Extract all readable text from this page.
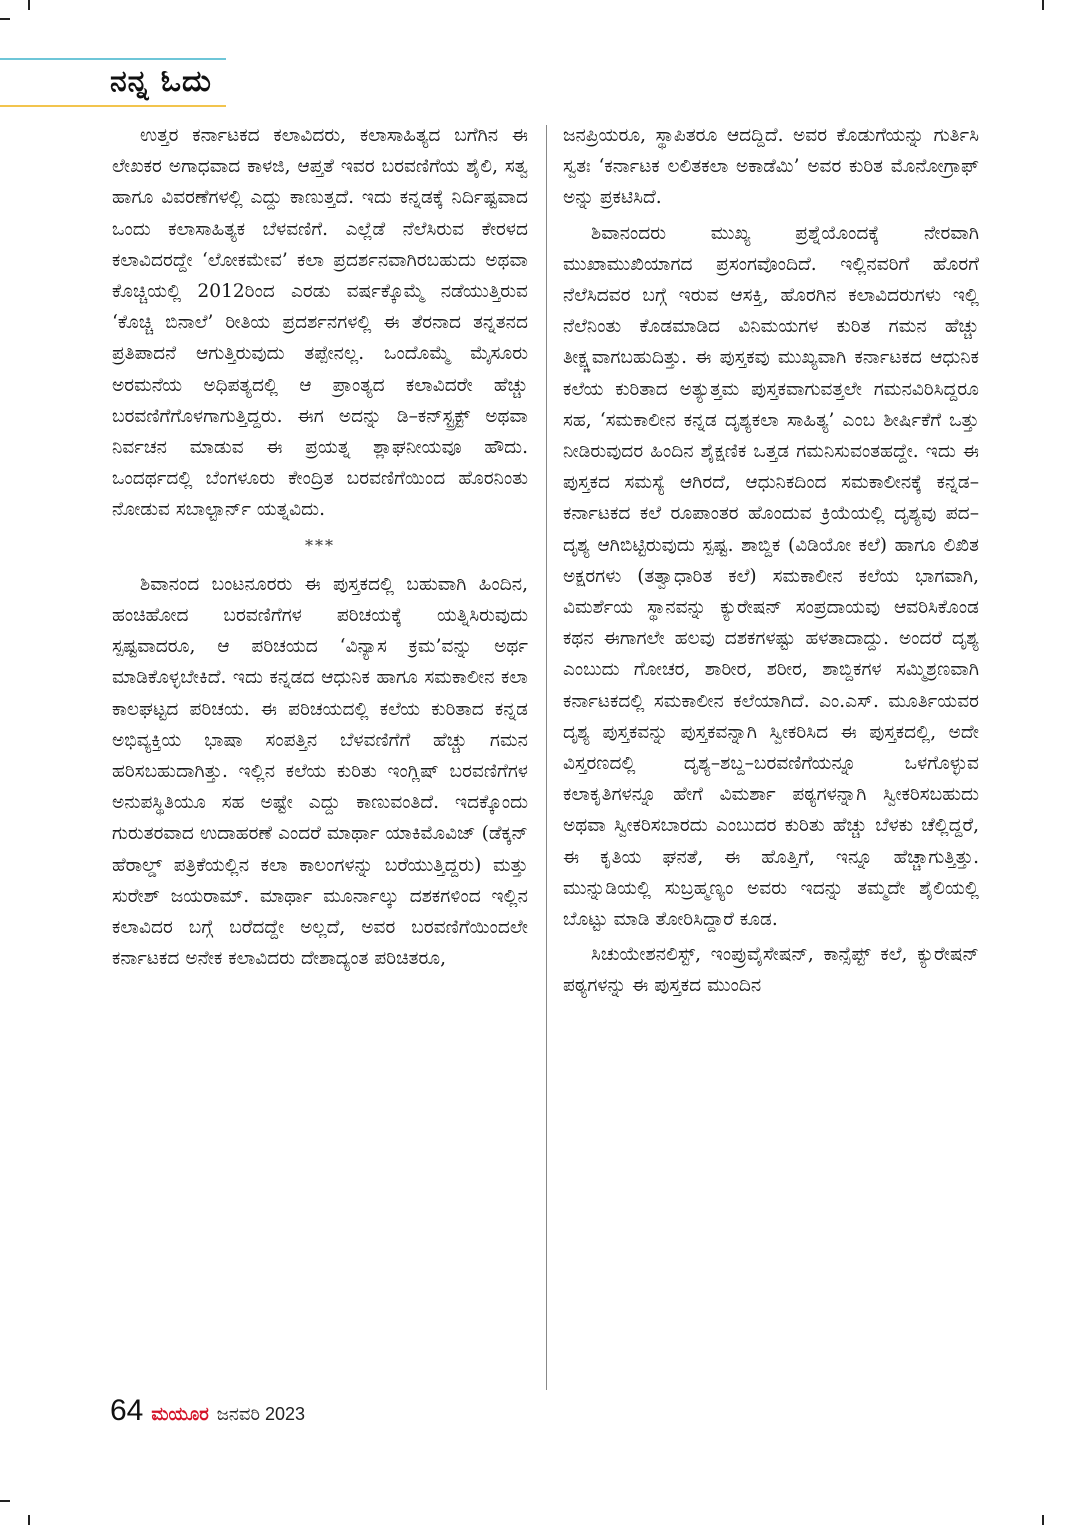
ನನ್ನ ಓದು

ಉತ್ತರ ಕರ್ನಾಟಕದ ಕಲಾವಿದರು, ಕಲಾಸಾಹಿತ್ಯದ ಬಗೆಗಿನ ಈ ಲೇಖಕರ ಅಗಾಧವಾದ ಕಾಳಜಿ, ಆಪ್ತತೆ ಇವರ ಬರವಣಿಗೆಯ ಶೈಲಿ, ಸತ್ವ ಹಾಗೂ ವಿವರಣೆಗಳಲ್ಲಿ ಎದ್ದು ಕಾಣುತ್ತದೆ. ಇದು ಕನ್ನಡಕ್ಕೆ ನಿರ್ದಿಷ್ಟವಾದ ಒಂದು ಕಲಾಸಾಹಿತ್ಯಕ ಬೆಳವಣಿಗೆ. ಎಲ್ಲೆಡೆ ನೆಲೆಸಿರುವ ಕೇರಳದ ಕಲಾವಿದರದ್ದೇ ‘ಲೋಕಮೇವ’ ಕಲಾ ಪ್ರದರ್ಶನವಾಗಿರಬಹುದು ಅಥವಾ ಕೊಚ್ಚಿಯಲ್ಲಿ 2012ರಿಂದ ಎರಡು ವರ್ಷಕ್ಕೊಮ್ಮೆ ನಡೆಯುತ್ತಿರುವ ‘ಕೊಚ್ಚಿ ಬಿನಾಲೆ’ ರೀತಿಯ ಪ್ರದರ್ಶನಗಳಲ್ಲಿ ಈ ತೆರನಾದ ತನ್ನತನದ ಪ್ರತಿಪಾದನೆ ಆಗುತ್ತಿರುವುದು ತಪ್ಪೇನಲ್ಲ. ಒಂದೊಮ್ಮೆ ಮೈಸೂರು ಅರಮನೆಯ ಅಧಿಪತ್ಯದಲ್ಲಿ ಆ ಪ್ರಾಂತ್ಯದ ಕಲಾವಿದರೇ ಹೆಚ್ಚು ಬರವಣಿಗೆಗೊಳಗಾಗುತ್ತಿದ್ದರು. ಈಗ ಅದನ್ನು ಡಿ–ಕನ್‌ಸ್ಟ್ರಕ್ಟ್ ಅಥವಾ ನಿರ್ವಚನ ಮಾಡುವ ಈ ಪ್ರಯತ್ನ ಶ್ಲಾಘನೀಯವೂ ಹೌದು. ಒಂದರ್ಥದಲ್ಲಿ ಬೆಂಗಳೂರು ಕೇಂದ್ರಿತ ಬರವಣಿಗೆಯಿಂದ ಹೊರನಿಂತು ನೋಡುವ ಸಬಾಲ್ಟಾರ್ನ್ ಯತ್ನವಿದು.

***

ಶಿವಾನಂದ ಬಂಟನೂರರು ಈ ಪುಸ್ತಕದಲ್ಲಿ ಬಹುವಾಗಿ ಹಿಂದಿನ, ಹಂಚಿಹೋದ ಬರವಣಿಗೆಗಳ ಪರಿಚಯಕ್ಕೆ ಯತ್ನಿಸಿರುವುದು ಸ್ಪಷ್ಟವಾದರೂ, ಆ ಪರಿಚಯದ ‘ವಿನ್ಯಾಸ ಕ್ರಮ’ವನ್ನು ಅರ್ಥ ಮಾಡಿಕೊಳ್ಳಬೇಕಿದೆ. ಇದು ಕನ್ನಡದ ಆಧುನಿಕ ಹಾಗೂ ಸಮಕಾಲೀನ ಕಲಾ ಕಾಲಘಟ್ಟದ ಪರಿಚಯ. ಈ ಪರಿಚಯದಲ್ಲಿ ಕಲೆಯ ಕುರಿತಾದ ಕನ್ನಡ ಅಭಿವ್ಯಕ್ತಿಯ ಭಾಷಾ ಸಂಪತ್ತಿನ ಬೆಳವಣಿಗೆಗೆ ಹೆಚ್ಚು ಗಮನ ಹರಿಸಬಹುದಾಗಿತ್ತು. ಇಲ್ಲಿನ ಕಲೆಯ ಕುರಿತು ಇಂಗ್ಲಿಷ್ ಬರವಣಿಗೆಗಳ ಅನುಪಸ್ಥಿತಿಯೂ ಸಹ ಅಷ್ಟೇ ಎದ್ದು ಕಾಣುವಂತಿದೆ. ಇದಕ್ಕೊಂದು ಗುರುತರವಾದ ಉದಾಹರಣೆ ಎಂದರೆ ಮಾರ್ಥಾ ಯಾಕಿಮೊವಿಜ್ (ಡೆಕ್ಕನ್ ಹೆರಾಲ್ಡ್ ಪತ್ರಿಕೆಯಲ್ಲಿನ ಕಲಾ ಕಾಲಂಗಳನ್ನು ಬರೆಯುತ್ತಿದ್ದರು) ಮತ್ತು ಸುರೇಶ್ ಜಯರಾಮ್. ಮಾರ್ಥಾ ಮೂರ್ನಾಲ್ಕು ದಶಕಗಳಿಂದ ಇಲ್ಲಿನ ಕಲಾವಿದರ ಬಗ್ಗೆ ಬರೆದದ್ದೇ ಅಲ್ಲದೆ, ಅವರ ಬರವಣಿಗೆಯಿಂದಲೇ ಕರ್ನಾಟಕದ ಅನೇಕ ಕಲಾವಿದರು ದೇಶಾದ್ಯಂತ ಪರಿಚಿತರೂ,

ಜನಪ್ರಿಯರೂ, ಸ್ಥಾಪಿತರೂ ಆದದ್ದಿದೆ. ಅವರ ಕೊಡುಗೆಯನ್ನು ಗುರ್ತಿಸಿ ಸ್ವತಃ ‘ಕರ್ನಾಟಕ ಲಲಿತಕಲಾ ಅಕಾಡೆಮಿ’ ಅವರ ಕುರಿತ ಮೊನೋಗ್ರಾಫ್ ಅನ್ನು ಪ್ರಕಟಿಸಿದೆ.

ಶಿವಾನಂದರು ಮುಖ್ಯ ಪ್ರಶ್ನೆಯೊಂದಕ್ಕೆ ನೇರವಾಗಿ ಮುಖಾಮುಖಿಯಾಗದ ಪ್ರಸಂಗವೊಂದಿದೆ. ಇಲ್ಲಿನವರಿಗೆ ಹೊರಗೆ ನೆಲೆಸಿದವರ ಬಗ್ಗೆ ಇರುವ ಆಸಕ್ತಿ, ಹೊರಗಿನ ಕಲಾವಿದರುಗಳು ಇಲ್ಲಿ ನೆಲೆನಿಂತು ಕೊಡಮಾಡಿದ ವಿನಿಮಯಗಳ ಕುರಿತ ಗಮನ ಹೆಚ್ಚು ತೀಕ್ಷ್ಣವಾಗಬಹುದಿತ್ತು. ಈ ಪುಸ್ತಕವು ಮುಖ್ಯವಾಗಿ ಕರ್ನಾಟಕದ ಆಧುನಿಕ ಕಲೆಯ ಕುರಿತಾದ ಅತ್ಯುತ್ತಮ ಪುಸ್ತಕವಾಗುವತ್ತಲೇ ಗಮನವಿರಿಸಿದ್ದರೂ ಸಹ, ‘ಸಮಕಾಲೀನ ಕನ್ನಡ ದೃಶ್ಯಕಲಾ ಸಾಹಿತ್ಯ’ ಎಂಬ ಶೀರ್ಷಿಕೆಗೆ ಒತ್ತು ನೀಡಿರುವುದರ ಹಿಂದಿನ ಶೈಕ್ಷಣಿಕ ಒತ್ತಡ ಗಮನಿಸುವಂತಹದ್ದೇ. ಇದು ಈ ಪುಸ್ತಕದ ಸಮಸ್ಯೆ ಆಗಿರದೆ, ಆಧುನಿಕದಿಂದ ಸಮಕಾಲೀನಕ್ಕೆ ಕನ್ನಡ–ಕರ್ನಾಟಕದ ಕಲೆ ರೂಪಾಂತರ ಹೊಂದುವ ಕ್ರಿಯೆಯಲ್ಲಿ ದೃಶ್ಯವು ಪದ–ದೃಶ್ಯ ಆಗಿಬಿಟ್ಟಿರುವುದು ಸ್ಪಷ್ಟ. ಶಾಬ್ದಿಕ (ವಿಡಿಯೋ ಕಲೆ) ಹಾಗೂ ಲಿಖಿತ ಅಕ್ಷರಗಳು (ತತ್ವಾಧಾರಿತ ಕಲೆ) ಸಮಕಾಲೀನ ಕಲೆಯ ಭಾಗವಾಗಿ, ವಿಮರ್ಶೆಯ ಸ್ಥಾನವನ್ನು ಕ್ಯುರೇಷನ್ ಸಂಪ್ರದಾಯವು ಆವರಿಸಿಕೊಂಡ ಕಥನ ಈಗಾಗಲೇ ಹಲವು ದಶಕಗಳಷ್ಟು ಹಳತಾದಾದ್ದು. ಅಂದರೆ ದೃಶ್ಯ ಎಂಬುದು ಗೋಚರ, ಶಾರೀರ, ಶರೀರ, ಶಾಬ್ದಿಕಗಳ ಸಮ್ಮಿಶ್ರಣವಾಗಿ ಕರ್ನಾಟಕದಲ್ಲಿ ಸಮಕಾಲೀನ ಕಲೆಯಾಗಿದೆ. ಎಂ.ಎಸ್. ಮೂರ್ತಿಯವರ ದೃಶ್ಯ ಪುಸ್ತಕವನ್ನು ಪುಸ್ತಕವನ್ನಾಗಿ ಸ್ವೀಕರಿಸಿದ ಈ ಪುಸ್ತಕದಲ್ಲಿ, ಅದೇ ವಿಸ್ತರಣದಲ್ಲಿ ದೃಶ್ಯ–ಶಬ್ದ–ಬರವಣಿಗೆಯನ್ನೂ ಒಳಗೊಳ್ಳುವ ಕಲಾಕೃತಿಗಳನ್ನೂ ಹೇಗೆ ವಿಮರ್ಶಾ ಪಠ್ಯಗಳನ್ನಾಗಿ ಸ್ವೀಕರಿಸಬಹುದು ಅಥವಾ ಸ್ವೀಕರಿಸಬಾರದು ಎಂಬುದರ ಕುರಿತು ಹೆಚ್ಚು ಬೆಳಕು ಚೆಲ್ಲಿದ್ದರೆ, ಈ ಕೃತಿಯ ಘನತೆ, ಈ ಹೊತ್ತಿಗೆ, ಇನ್ನೂ ಹೆಚ್ಚಾಗುತ್ತಿತ್ತು. ಮುನ್ನುಡಿಯಲ್ಲಿ ಸುಬ್ರಹ್ಮಣ್ಯಂ ಅವರು ಇದನ್ನು ತಮ್ಮದೇ ಶೈಲಿಯಲ್ಲಿ ಬೊಟ್ಟು ಮಾಡಿ ತೋರಿಸಿದ್ದಾರೆ ಕೂಡ.

ಸಿಚುಯೇಶನಲಿಸ್ಟ್, ಇಂಪ್ರುವೈಸೇಷನ್, ಕಾನ್ಸೆಪ್ಟ್ ಕಲೆ, ಕ್ಯುರೇಷನ್ ಪಠ್ಯಗಳನ್ನು ಈ ಪುಸ್ತಕದ ಮುಂದಿನ

64 ಮಯೂರ ಜನವರಿ 2023
